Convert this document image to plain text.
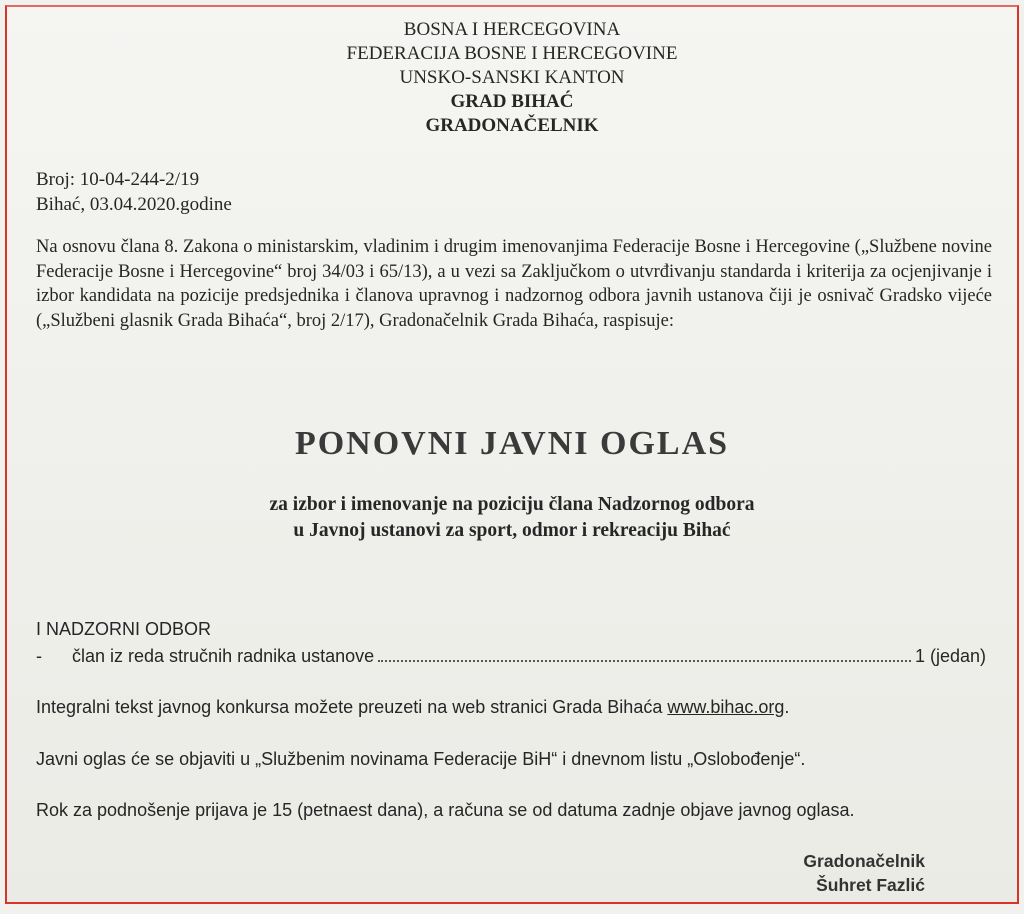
BOSNA I HERCEGOVINA
FEDERACIJA BOSNE I HERCEGOVINE
UNSKO-SANSKI KANTON
GRAD BIHAĆ
GRADONAČELNIK
Broj: 10-04-244-2/19
Bihać, 03.04.2020.godine
Na osnovu člana 8. Zakona o ministarskim, vladinim i drugim imenovanjima Federacije Bosne i Hercegovine („Službene novine Federacije Bosne i Hercegovine“ broj 34/03 i 65/13), a u vezi sa Zaključkom o utvrđivanju standarda i kriterija za ocjenjivanje i izbor kandidata na pozicije predsjednika i članova upravnog i nadzornog odbora javnih ustanova čiji je osnivač Gradsko vijeće („Službeni glasnik Grada Bihaća“, broj 2/17), Gradonačelnik Grada Bihaća, raspisuje:
PONOVNI JAVNI OGLAS
za izbor i imenovanje na poziciju člana Nadzornog odbora
u Javnoj ustanovi za sport, odmor i rekreaciju Bihać
I NADZORNI ODBOR
-	član iz reda stručnih radnika ustanove	1 (jedan)
Integralni tekst javnog konkursa možete preuzeti na web stranici Grada Bihaća www.bihac.org.
Javni oglas će se objaviti u „Službenim novinama Federacije BiH“ i dnevnom listu „Oslobođenje“.
Rok za podnošenje prijava je 15 (petnaest dana), a računa se od datuma zadnje objave javnog oglasa.
Gradonačelnik
Šuhret Fazlić
